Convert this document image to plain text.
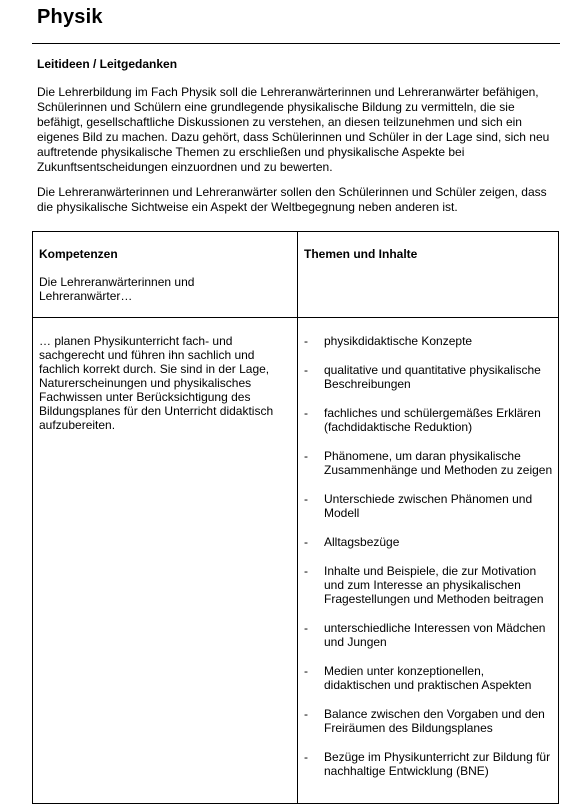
Physik
Leitideen / Leitgedanken

Die Lehrerbildung im Fach Physik soll die Lehreranwärterinnen und Lehreranwärter befähigen, Schülerinnen und Schülern eine grundlegende physikalische Bildung zu vermitteln, die sie befähigt, gesellschaftliche Diskussionen zu verstehen, an diesen teilzunehmen und sich ein eigenes Bild zu machen. Dazu gehört, dass Schülerinnen und Schüler in der Lage sind, sich neu auftretende physikalische Themen zu erschließen und physikalische Aspekte bei Zukunftsentscheidungen einzuordnen und zu bewerten.

Die Lehreranwärterinnen und Lehreranwärter sollen den Schülerinnen und Schüler zeigen, dass die physikalische Sichtweise ein Aspekt der Weltbegegnung neben anderen ist.

Kompetenzen
Die Lehreranwärterinnen und Lehreranwärter…
Themen und Inhalte
… planen Physikunterricht fach- und sachgerecht und führen ihn sachlich und fachlich korrekt durch. Sie sind in der Lage, Naturerscheinungen und physikalisches Fachwissen unter Berücksichtigung des Bildungsplanes für den Unterricht didaktisch aufzubereiten.
- physikdidaktische Konzepte
- qualitative und quantitative physikalische Beschreibungen
- fachliches und schülergemäßes Erklären (fachdidaktische Reduktion)
- Phänomene, um daran physikalische Zusammenhänge und Methoden zu zeigen
- Unterschiede zwischen Phänomen und Modell
- Alltagsbezüge
- Inhalte und Beispiele, die zur Motivation und zum Interesse an physikalischen Fragestellungen und Methoden beitragen
- unterschiedliche Interessen von Mädchen und Jungen
- Medien unter konzeptionellen, didaktischen und praktischen Aspekten
- Balance zwischen den Vorgaben und den Freiräumen des Bildungsplanes
- Bezüge im Physikunterricht zur Bildung für nachhaltige Entwicklung (BNE)
